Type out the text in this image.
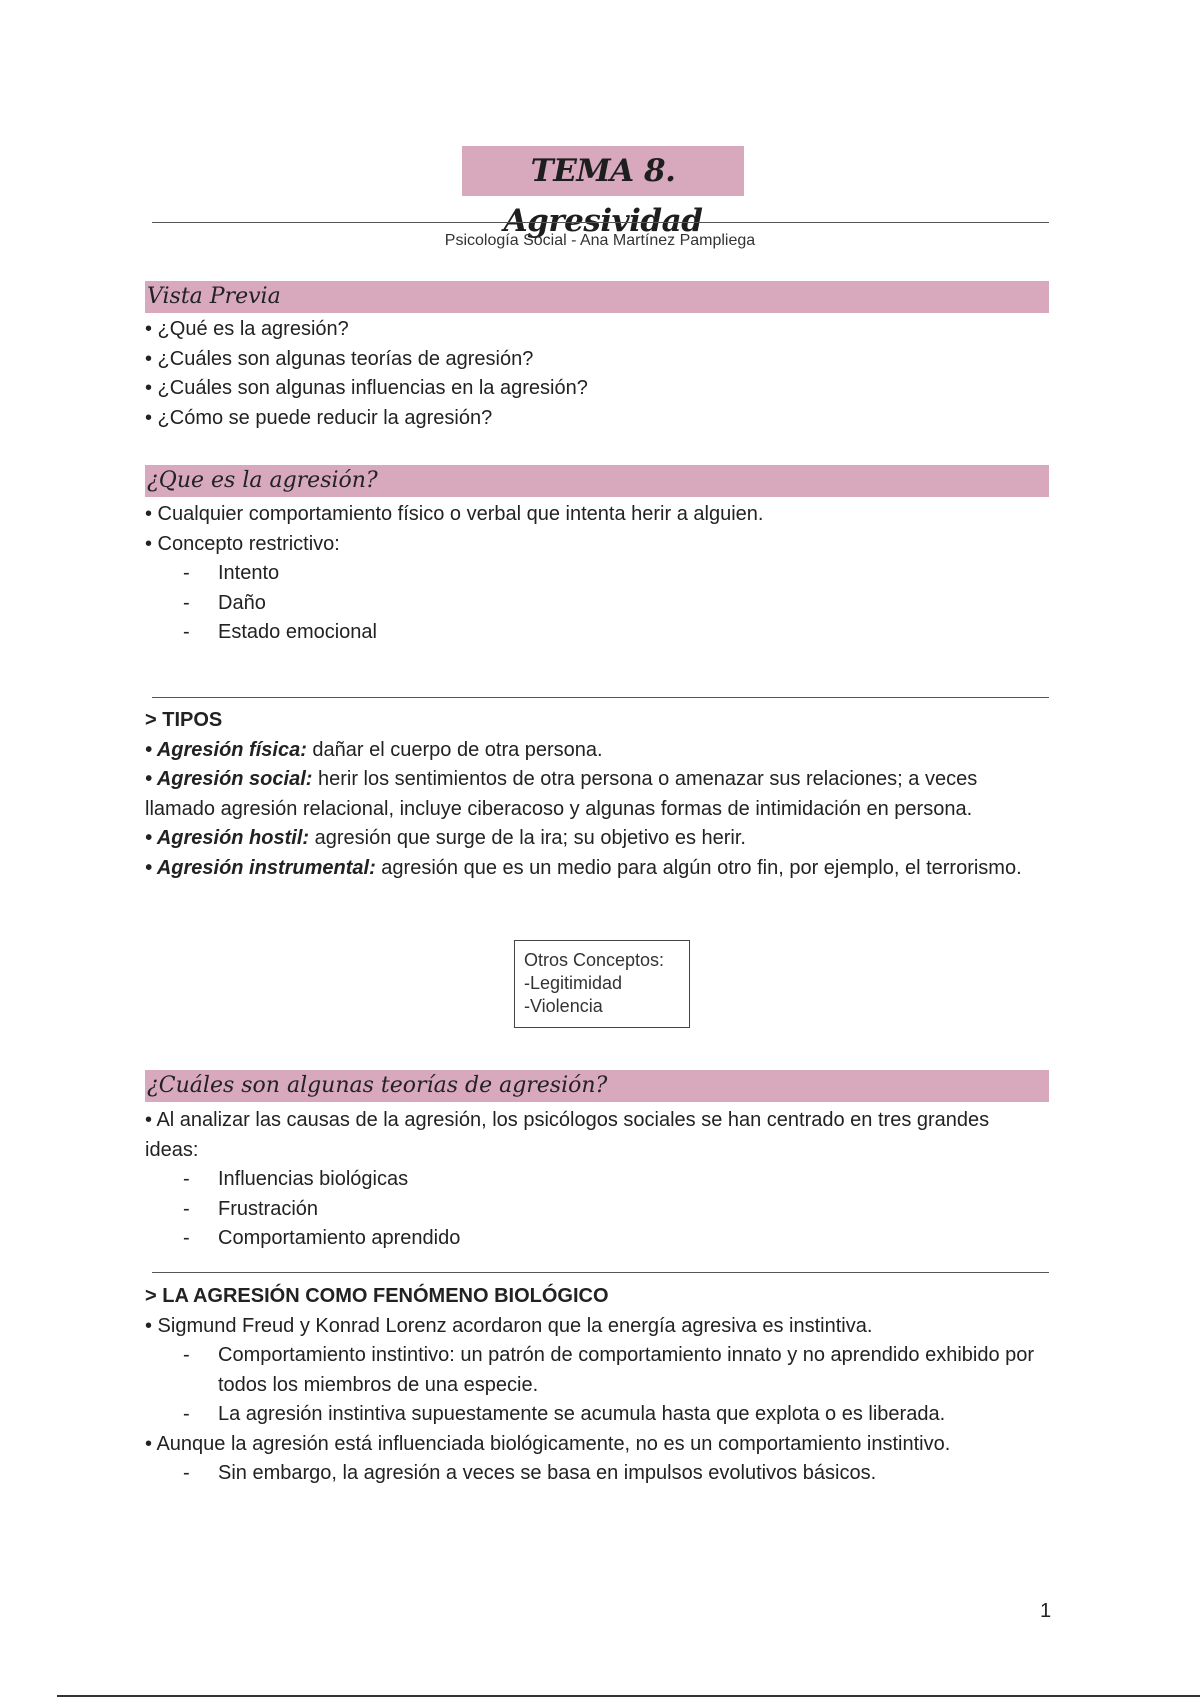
TEMA 8. Agresividad
Psicología Social - Ana Martínez Pampliega
Vista Previa

• ¿Qué es la agresión?

• ¿Cuáles son algunas teorías de agresión?

• ¿Cuáles son algunas influencias en la agresión?

• ¿Cómo se puede reducir la agresión?

¿Que es la agresión?

• Cualquier comportamiento físico o verbal que intenta herir a alguien.

• Concepto restrictivo:

-	Intento

-	Daño

-	Estado emocional

> TIPOS

• Agresión física: dañar el cuerpo de otra persona.

• Agresión social: herir los sentimientos de otra persona o amenazar sus relaciones; a veces llamado agresión relacional, incluye ciberacoso y algunas formas de intimidación en persona.

• Agresión hostil: agresión que surge de la ira; su objetivo es herir.

• Agresión instrumental: agresión que es un medio para algún otro fin, por ejemplo, el terrorismo.

Otros Conceptos:
-Legitimidad
-Violencia
¿Cuáles son algunas teorías de agresión?

• Al analizar las causas de la agresión, los psicólogos sociales se han centrado en tres grandes ideas:

-	Influencias biológicas

-	Frustración

-	Comportamiento aprendido

> LA AGRESIÓN COMO FENÓMENO BIOLÓGICO

• Sigmund Freud y Konrad Lorenz acordaron que la energía agresiva es instintiva.

-	Comportamiento instintivo: un patrón de comportamiento innato y no aprendido exhibido por todos los miembros de una especie.

-	La agresión instintiva supuestamente se acumula hasta que explota o es liberada.

• Aunque la agresión está influenciada biológicamente, no es un comportamiento instintivo.

-	Sin embargo, la agresión a veces se basa en impulsos evolutivos básicos.

1
